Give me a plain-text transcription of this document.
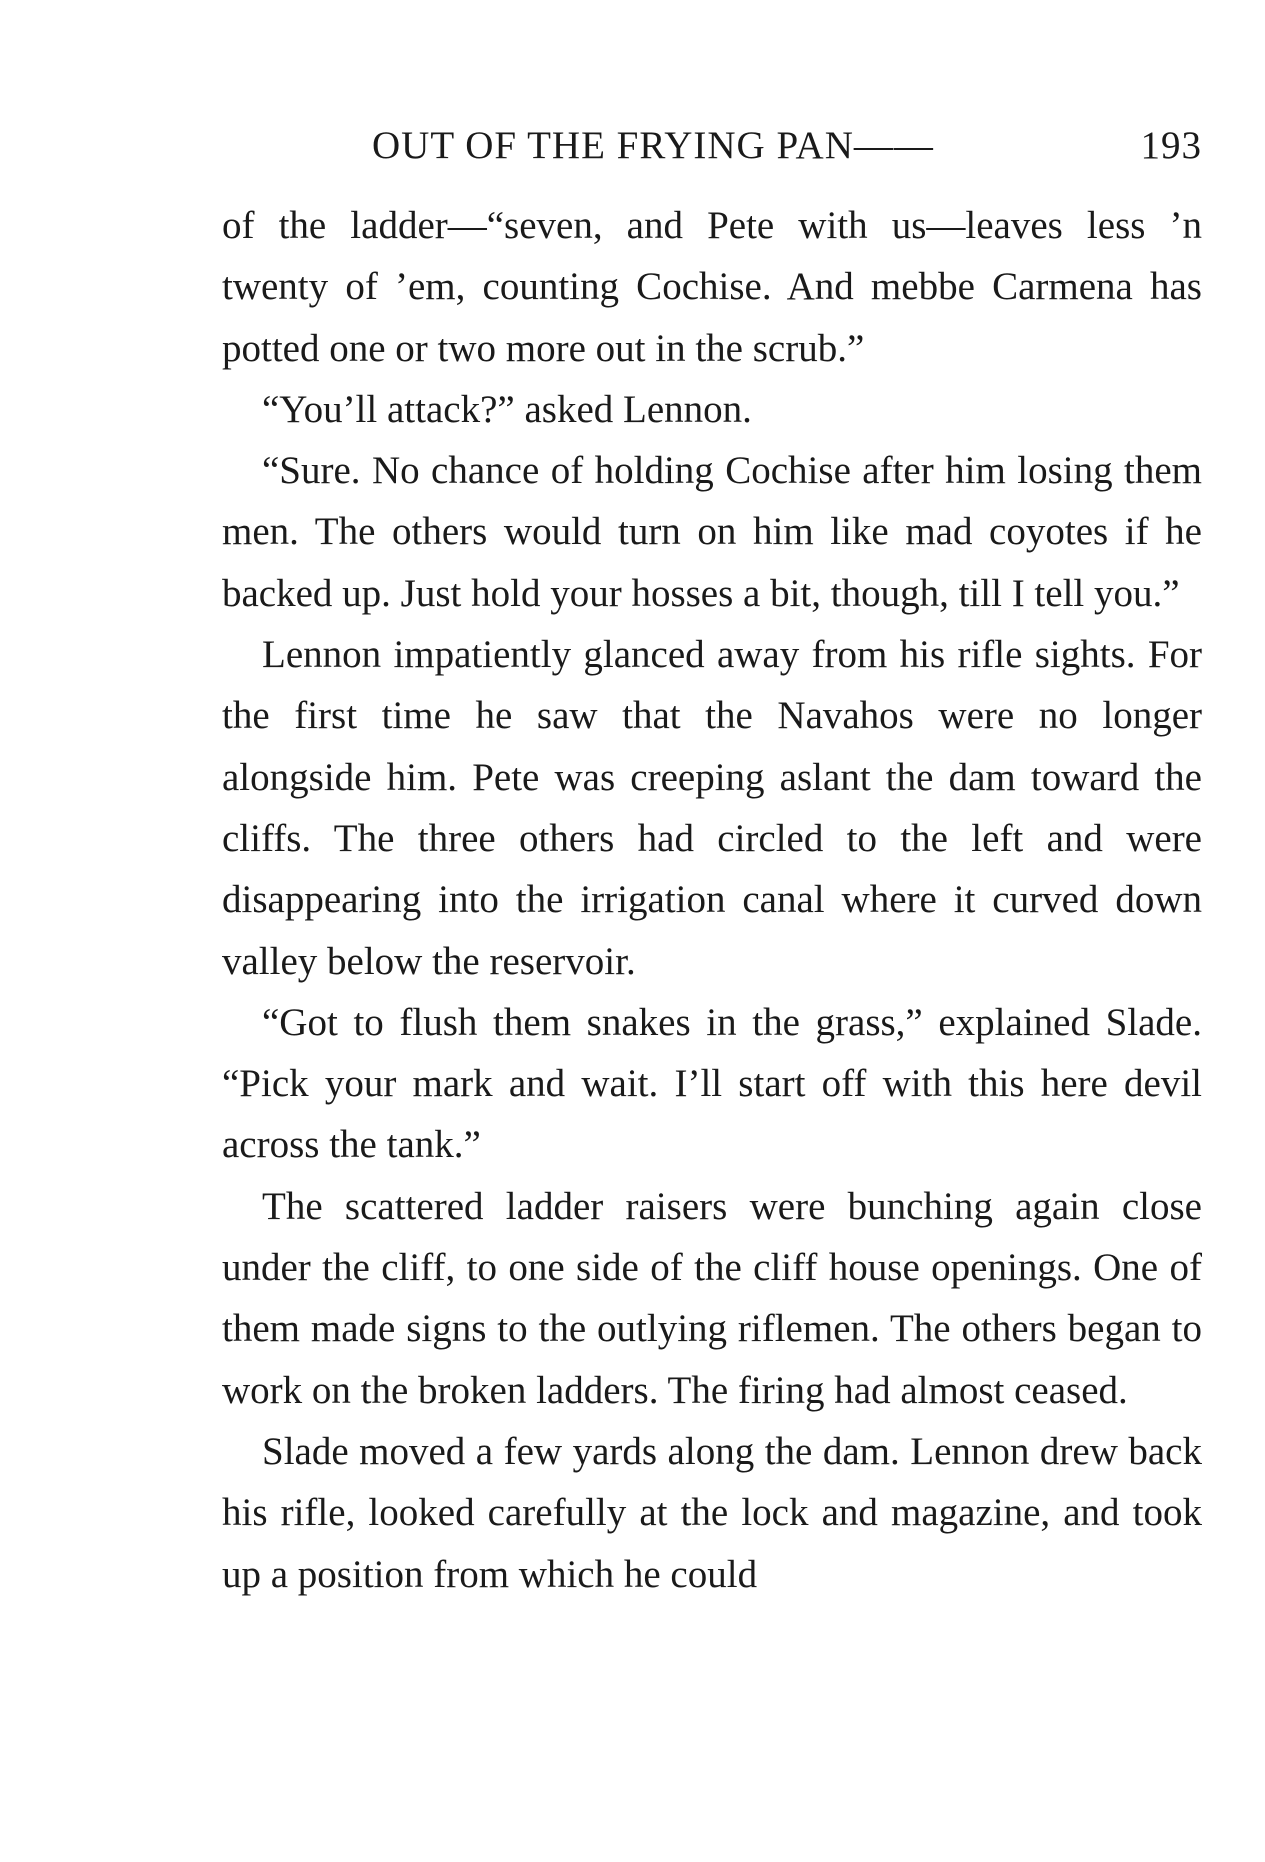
OUT OF THE FRYING PAN——	193

of the ladder—“seven, and Pete with us—leaves less ’n twenty of ’em, counting Cochise. And mebbe Carmena has potted one or two more out in the scrub.”

“You’ll attack?” asked Lennon.

“Sure. No chance of holding Cochise after him losing them men. The others would turn on him like mad coyotes if he backed up. Just hold your hosses a bit, though, till I tell you.”

Lennon impatiently glanced away from his rifle sights. For the first time he saw that the Navahos were no longer alongside him. Pete was creeping aslant the dam toward the cliffs. The three others had circled to the left and were disappearing into the irrigation canal where it curved down valley below the reservoir.

“Got to flush them snakes in the grass,” explained Slade. “Pick your mark and wait. I’ll start off with this here devil across the tank.”

The scattered ladder raisers were bunching again close under the cliff, to one side of the cliff house openings. One of them made signs to the outlying riflemen. The others began to work on the broken ladders. The firing had almost ceased.

Slade moved a few yards along the dam. Lennon drew back his rifle, looked carefully at the lock and magazine, and took up a position from which he could
